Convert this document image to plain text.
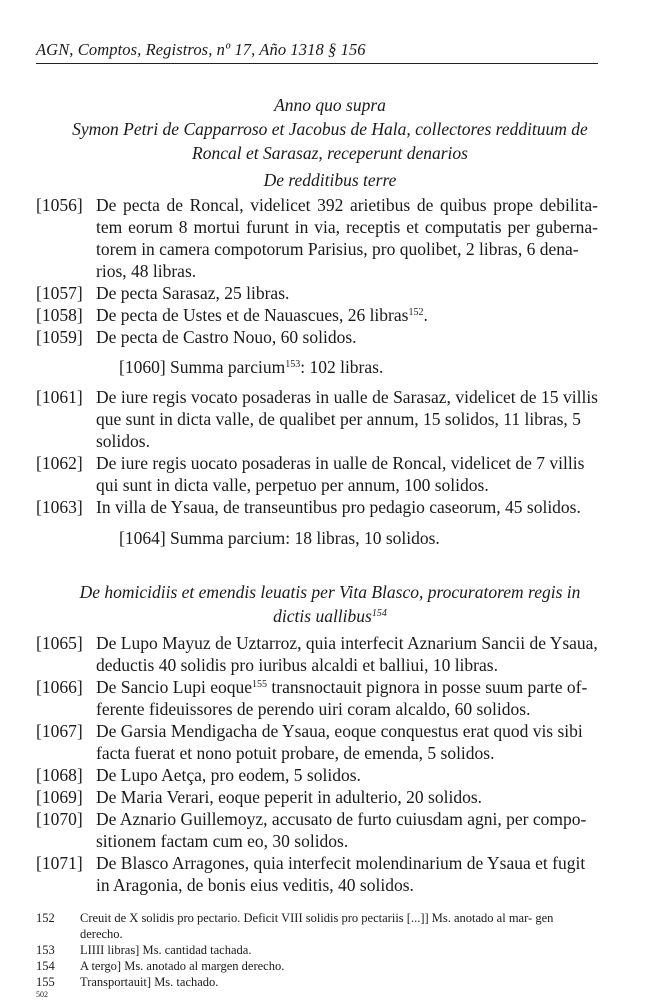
AGN, Comptos, Registros, nº 17, Año 1318 § 156
Anno quo supra
Symon Petri de Capparroso et Jacobus de Hala, collectores reddituum de
Roncal et Sarasaz, receperunt denarios
De redditibus terre
[1056] De pecta de Roncal, videlicet 392 arietibus de quibus prope debilita- tem eorum 8 mortui furunt in via, receptis et computatis per guberna- torem in camera compotorum Parisius, pro quolibet, 2 libras, 6 dena-
rios, 48 libras.
[1057] De pecta Sarasaz, 25 libras.
[1058] De pecta de Ustes et de Nauascues, 26 libras$^{152}$.
[1059] De pecta de Castro Nouo, 60 solidos.
[1060] Summa parcium$^{153}$: 102 libras.
[1061] De iure regis vocato posaderas in ualle de Sarasaz, videlicet de 15 villis que sunt in dicta valle, de qualibet per annum, 15 solidos, 11 libras, 5
solidos.
[1062] De iure regis uocato posaderas in ualle de Roncal, videlicet de 7 villis
qui sunt in dicta valle, perpetuo per annum, 100 solidos.
[1063] In villa de Ysaua, de transeuntibus pro pedagio caseorum, 45 solidos.
[1064] Summa parcium: 18 libras, 10 solidos.
De homicidiis et emendis leuatis per Vita Blasco, procuratorem regis in
dictis uallibus$^{154}$
[1065] De Lupo Mayuz de Uztarroz, quia interfecit Aznarium Sancii de Ysaua,
deductis 40 solidis pro iuribus alcaldi et balliui, 10 libras.
[1066] De Sancio Lupi eoque$^{155}$ transnoctauit pignora in posse suum parte of-
ferente fideuissores de perendo uiri coram alcaldo, 60 solidos.
[1067] De Garsia Mendigacha de Ysaua, eoque conquestus erat quod vis sibi
facta fuerat et nono potuit probare, de emenda, 5 solidos.
[1068] De Lupo Aetça, pro eodem, 5 solidos.
[1069] De Maria Verari, eoque peperit in adulterio, 20 solidos.
[1070] De Aznario Guillemoyz, accusato de furto cuiusdam agni, per compo-
sitionem factam cum eo, 30 solidos.
[1071] De Blasco Arragones, quia interfecit molendinarium de Ysaua et fugit
in Aragonia, de bonis eius veditis, 40 solidos.
152 Creuit de X solidis pro pectario. Deficit VIII solidis pro pectariis [...]] Ms. anotado al mar- gen derecho.
153 LIIII libras] Ms. cantidad tachada.
154 A tergo] Ms. anotado al margen derecho.
155 Transportauit] Ms. tachado.
502
